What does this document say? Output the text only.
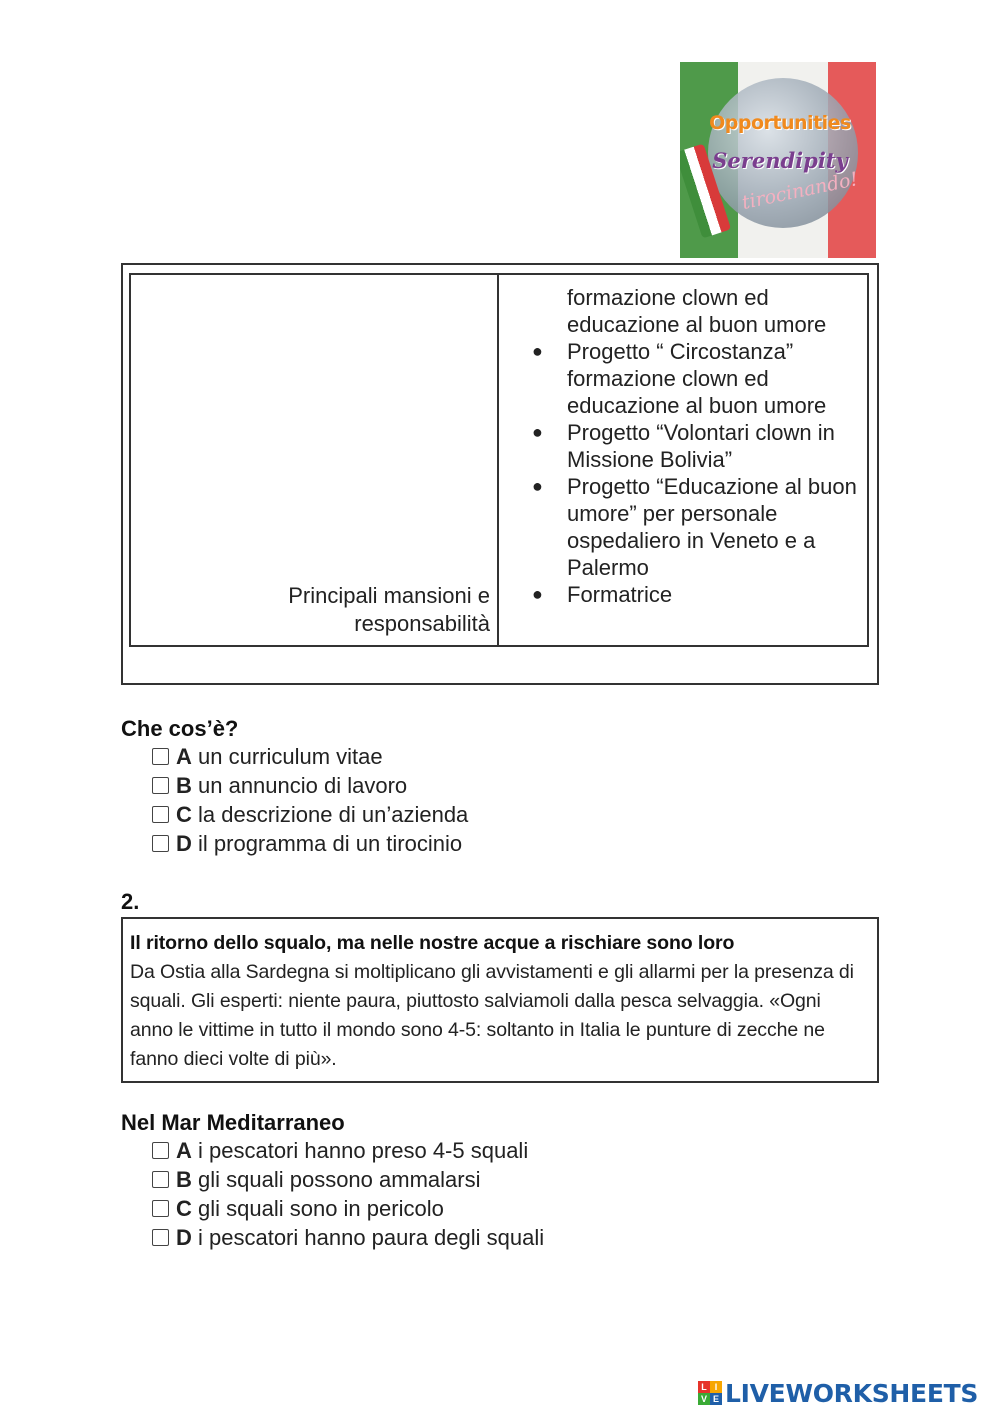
Opportunities
Serendipity
tirocinando!
Principali mansioni e responsabilità
formazione clown ed educazione al buon umore
●	Progetto “ Circostanza” formazione clown ed educazione al buon umore
●	Progetto “Volontari clown in Missione Bolivia”
●	Progetto “Educazione al buon umore” per personale ospedaliero in Veneto e a Palermo
●	Formatrice
Che cos’è?
A un curriculum vitae
B un annuncio di lavoro
C la descrizione di un’azienda
D il programma di un tirocinio
2.
Il ritorno dello squalo, ma nelle nostre acque a rischiare sono loro
Da Ostia alla Sardegna si moltiplicano gli avvistamenti e gli allarmi per la presenza di squali. Gli esperti: niente paura, piuttosto salviamoli dalla pesca selvaggia. «Ogni anno le vittime in tutto il mondo sono 4-5: soltanto in Italia le punture di zecche ne fanno dieci volte di più».
Nel Mar Meditarraneo
A i pescatori hanno preso 4-5 squali
B gli squali possono ammalarsi
C gli squali sono in pericolo
D i pescatori hanno paura degli squali
L I
V E LIVEWORKSHEETS
